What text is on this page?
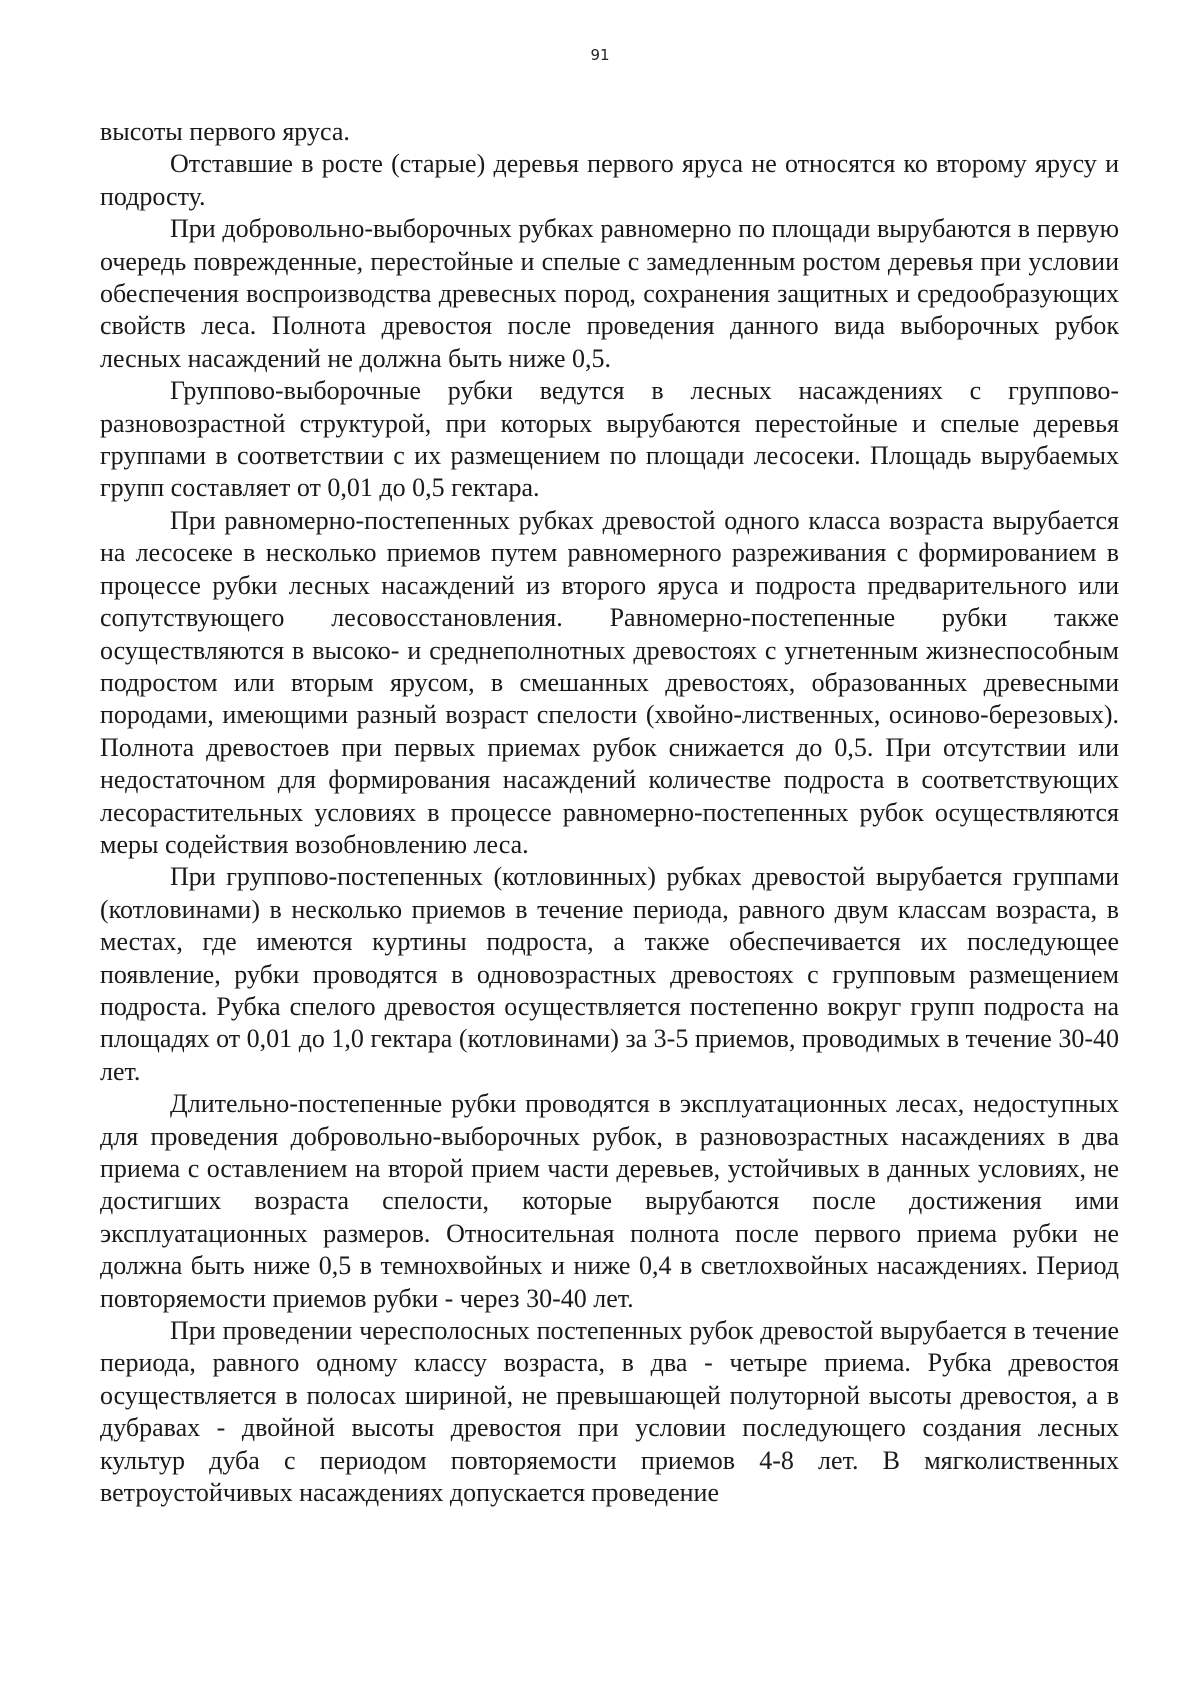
91

высоты первого яруса.

Отставшие в росте (старые) деревья первого яруса не относятся ко второму ярусу и подросту.

При добровольно-выборочных рубках равномерно по площади вырубаются в первую очередь поврежденные, перестойные и спелые с замедленным ростом деревья при условии обеспечения воспроизводства древесных пород, сохранения защитных и средообразующих свойств леса. Полнота древостоя после проведения данного вида выборочных рубок лесных насаждений не должна быть ниже 0,5.

Группово-выборочные рубки ведутся в лесных насаждениях с группово-разновозрастной структурой, при которых вырубаются перестойные и спелые деревья группами в соответствии с их размещением по площади лесосеки. Площадь вырубаемых групп составляет от 0,01 до 0,5 гектара.

При равномерно-постепенных рубках древостой одного класса возраста вырубается на лесосеке в несколько приемов путем равномерного разреживания с формированием в процессе рубки лесных насаждений из второго яруса и подроста предварительного или сопутствующего лесовосстановления. Равномерно-постепенные рубки также осуществляются в высоко- и среднеполнотных древостоях с угнетенным жизнеспособным подростом или вторым ярусом, в смешанных древостоях, образованных древесными породами, имеющими разный возраст спелости (хвойно-лиственных, осиново-березовых). Полнота древостоев при первых приемах рубок снижается до 0,5. При отсутствии или недостаточном для формирования насаждений количестве подроста в соответствующих лесорастительных условиях в процессе равномерно-постепенных рубок осуществляются меры содействия возобновлению леса.

При группово-постепенных (котловинных) рубках древостой вырубается группами (котловинами) в несколько приемов в течение периода, равного двум классам возраста, в местах, где имеются куртины подроста, а также обеспечивается их последующее появление, рубки проводятся в одновозрастных древостоях с групповым размещением подроста. Рубка спелого древостоя осуществляется постепенно вокруг групп подроста на площадях от 0,01 до 1,0 гектара (котловинами) за 3-5 приемов, проводимых в течение 30-40 лет.

Длительно-постепенные рубки проводятся в эксплуатационных лесах, недоступных для проведения добровольно-выборочных рубок, в разновозрастных насаждениях в два приема с оставлением на второй прием части деревьев, устойчивых в данных условиях, не достигших возраста спелости, которые вырубаются после достижения ими эксплуатационных размеров. Относительная полнота после первого приема рубки не должна быть ниже 0,5 в темнохвойных и ниже 0,4 в светлохвойных насаждениях. Период повторяемости приемов рубки - через 30-40 лет.

При проведении чересполосных постепенных рубок древостой вырубается в течение периода, равного одному классу возраста, в два - четыре приема. Рубка древостоя осуществляется в полосах шириной, не превышающей полуторной высоты древостоя, а в дубравах - двойной высоты древостоя при условии последующего создания лесных культур дуба с периодом повторяемости приемов 4-8 лет. В мягколиственных ветроустойчивых насаждениях допускается проведение
